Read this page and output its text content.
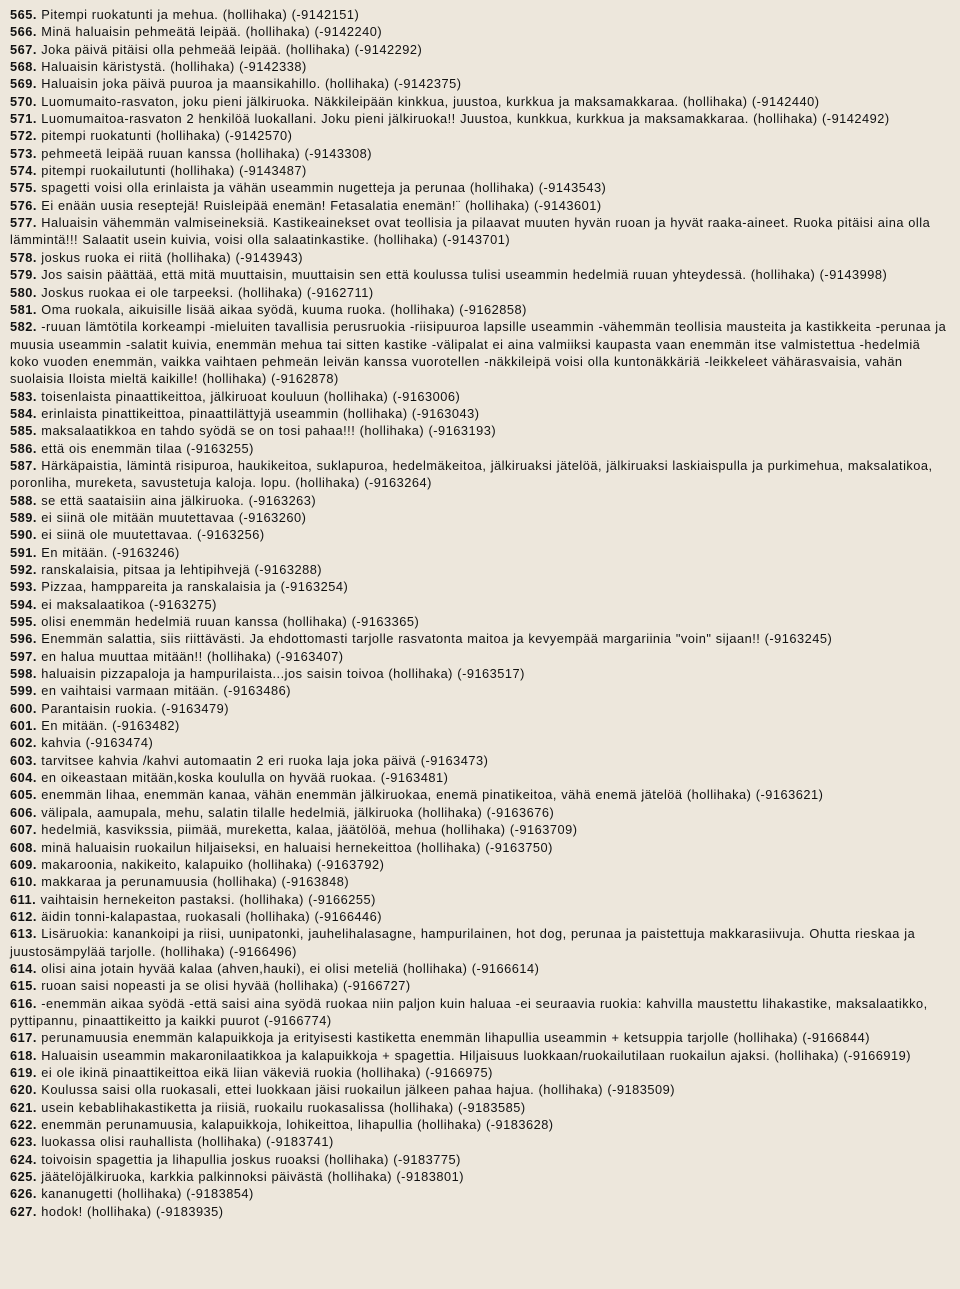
565. Pitempi ruokatunti ja mehua. (hollihaka) (-9142151)

566. Minä haluaisin pehmeätä leipää. (hollihaka) (-9142240)

567. Joka päivä pitäisi olla pehmeää leipää. (hollihaka) (-9142292)

568. Haluaisin käristystä. (hollihaka) (-9142338)

569. Haluaisin joka päivä puuroa ja maansikahillo. (hollihaka) (-9142375)

570. Luomumaito-rasvaton, joku pieni jälkiruoka. Näkkileipään kinkkua, juustoa, kurkkua ja maksamakkaraa. (hollihaka) (-9142440)

571. Luomumaitoa-rasvaton 2 henkilöä luokallani. Joku pieni jälkiruoka!! Juustoa, kunkkua, kurkkua ja maksamakkaraa. (hollihaka) (-9142492)

572. pitempi ruokatunti (hollihaka) (-9142570)

573. pehmeetä leipää ruuan kanssa (hollihaka) (-9143308)

574. pitempi ruokailutunti (hollihaka) (-9143487)

575. spagetti voisi olla erinlaista ja vähän useammin nugetteja ja perunaa (hollihaka) (-9143543)

576. Ei enään uusia reseptejä! Ruisleipää enemän! Fetasalatia enemän!¨ (hollihaka) (-9143601)

577. Haluaisin vähemmän valmiseineksiä. Kastikeainekset ovat teollisia ja pilaavat muuten hyvän ruoan ja hyvät raaka-aineet. Ruoka pitäisi aina olla lämmintä!!! Salaatit usein kuivia, voisi olla salaatinkastike. (hollihaka) (-9143701)

578. joskus ruoka ei riitä (hollihaka) (-9143943)

579. Jos saisin päättää, että mitä muuttaisin, muuttaisin sen että koulussa tulisi useammin hedelmiä ruuan yhteydessä. (hollihaka) (-9143998)

580. Joskus ruokaa ei ole tarpeeksi. (hollihaka) (-9162711)

581. Oma ruokala, aikuisille lisää aikaa syödä, kuuma ruoka. (hollihaka) (-9162858)

582. -ruuan lämtötila korkeampi -mieluiten tavallisia perusruokia -riisipuuroa lapsille useammin -vähemmän teollisia mausteita ja kastikkeita -perunaa ja muusia useammin -salatit kuivia, enemmän mehua tai sitten kastike -välipalat ei aina valmiiksi kaupasta vaan enemmän itse valmistettua -hedelmiä koko vuoden enemmän, vaikka vaihtaen pehmeän leivän kanssa vuorotellen -näkkileipä voisi olla kuntonäkkäriä -leikkeleet vähärasvaisia, vahän suolaisia Iloista mieltä kaikille! (hollihaka) (-9162878)

583. toisenlaista pinaattikeittoa, jälkiruoat kouluun (hollihaka) (-9163006)

584. erinlaista pinattikeittoa, pinaattilättyjä useammin (hollihaka) (-9163043)

585. maksalaatikkoa en tahdo syödä se on tosi pahaa!!! (hollihaka) (-9163193)

586. että ois enemmän tilaa (-9163255)

587. Härkäpaistia, lämintä risipuroa, haukikeitoa, suklapuroa, hedelmäkeitoa, jälkiruaksi jätelöä, jälkiruaksi laskiaispulla ja purkimehua, maksalatikoa, poronliha, mureketa, savustetuja kaloja. lopu. (hollihaka) (-9163264)

588. se että saataisiin aina jälkiruoka. (-9163263)

589. ei siinä ole mitään muutettavaa (-9163260)

590. ei siinä ole muutettavaa. (-9163256)

591. En mitään. (-9163246)

592. ranskalaisia, pitsaa ja lehtipihvejä (-9163288)

593. Pizzaa, hamppareita ja ranskalaisia ja (-9163254)

594. ei maksalaatikoa (-9163275)

595. olisi enemmän hedelmiä ruuan kanssa (hollihaka) (-9163365)

596. Enemmän salattia, siis riittävästi. Ja ehdottomasti tarjolle rasvatonta maitoa ja kevyempää margariinia "voin" sijaan!! (-9163245)

597. en halua muuttaa mitään!! (hollihaka) (-9163407)

598. haluaisin pizzapaloja ja hampurilaista...jos saisin toivoa (hollihaka) (-9163517)

599. en vaihtaisi varmaan mitään. (-9163486)

600. Parantaisin ruokia. (-9163479)

601. En mitään. (-9163482)

602. kahvia (-9163474)

603. tarvitsee kahvia /kahvi automaatin 2 eri ruoka laja joka päivä (-9163473)

604. en oikeastaan mitään,koska koululla on hyvää ruokaa. (-9163481)

605. enemmän lihaa, enemmän kanaa, vähän enemmän jälkiruokaa, enemä pinatikeitoa, vähä enemä jätelöä (hollihaka) (-9163621)

606. välipala, aamupala, mehu, salatin tilalle hedelmiä, jälkiruoka (hollihaka) (-9163676)

607. hedelmiä, kasvikssia, piimää, mureketta, kalaa, jäätölöä, mehua (hollihaka) (-9163709)

608. minä haluaisin ruokailun hiljaiseksi, en haluaisi hernekeittoa (hollihaka) (-9163750)

609. makaroonia, nakikeito, kalapuiko (hollihaka) (-9163792)

610. makkaraa ja perunamuusia (hollihaka) (-9163848)

611. vaihtaisin hernekeiton pastaksi. (hollihaka) (-9166255)

612. äidin tonni-kalapastaa, ruokasali (hollihaka) (-9166446)

613. Lisäruokia: kanankoipi ja riisi, uunipatonki, jauhelihalasagne, hampurilainen, hot dog, perunaa ja paistettuja makkarasiivuja. Ohutta rieskaa ja juustosämpylää tarjolle. (hollihaka) (-9166496)

614. olisi aina jotain hyvää kalaa (ahven,hauki), ei olisi meteliä (hollihaka) (-9166614)

615. ruoan saisi nopeasti ja se olisi hyvää (hollihaka) (-9166727)

616. -enemmän aikaa syödä -että saisi aina syödä ruokaa niin paljon kuin haluaa -ei seuraavia ruokia: kahvilla maustettu lihakastike, maksalaatikko, pyttipannu, pinaattikeitto ja kaikki puurot (-9166774)

617. perunamuusia enemmän kalapuikkoja ja erityisesti kastiketta enemmän lihapullia useammin + ketsuppia tarjolle (hollihaka) (-9166844)

618. Haluaisin useammin makaronilaatikkoa ja kalapuikkoja + spagettia. Hiljaisuus luokkaan/ruokailutilaan ruokailun ajaksi. (hollihaka) (-9166919)

619. ei ole ikinä pinaattikeittoa eikä liian väkeviä ruokia (hollihaka) (-9166975)

620. Koulussa saisi olla ruokasali, ettei luokkaan jäisi ruokailun jälkeen pahaa hajua. (hollihaka) (-9183509)

621. usein kebablihakastiketta ja riisiä, ruokailu ruokasalissa (hollihaka) (-9183585)

622. enemmän perunamuusia, kalapuikkoja, lohikeittoa, lihapullia (hollihaka) (-9183628)

623. luokassa olisi rauhallista (hollihaka) (-9183741)

624. toivoisin spagettia ja lihapullia joskus ruoaksi (hollihaka) (-9183775)

625. jäätelöjälkiruoka, karkkia palkinnoksi päivästä (hollihaka) (-9183801)

626. kananugetti (hollihaka) (-9183854)

627. hodok! (hollihaka) (-9183935)
